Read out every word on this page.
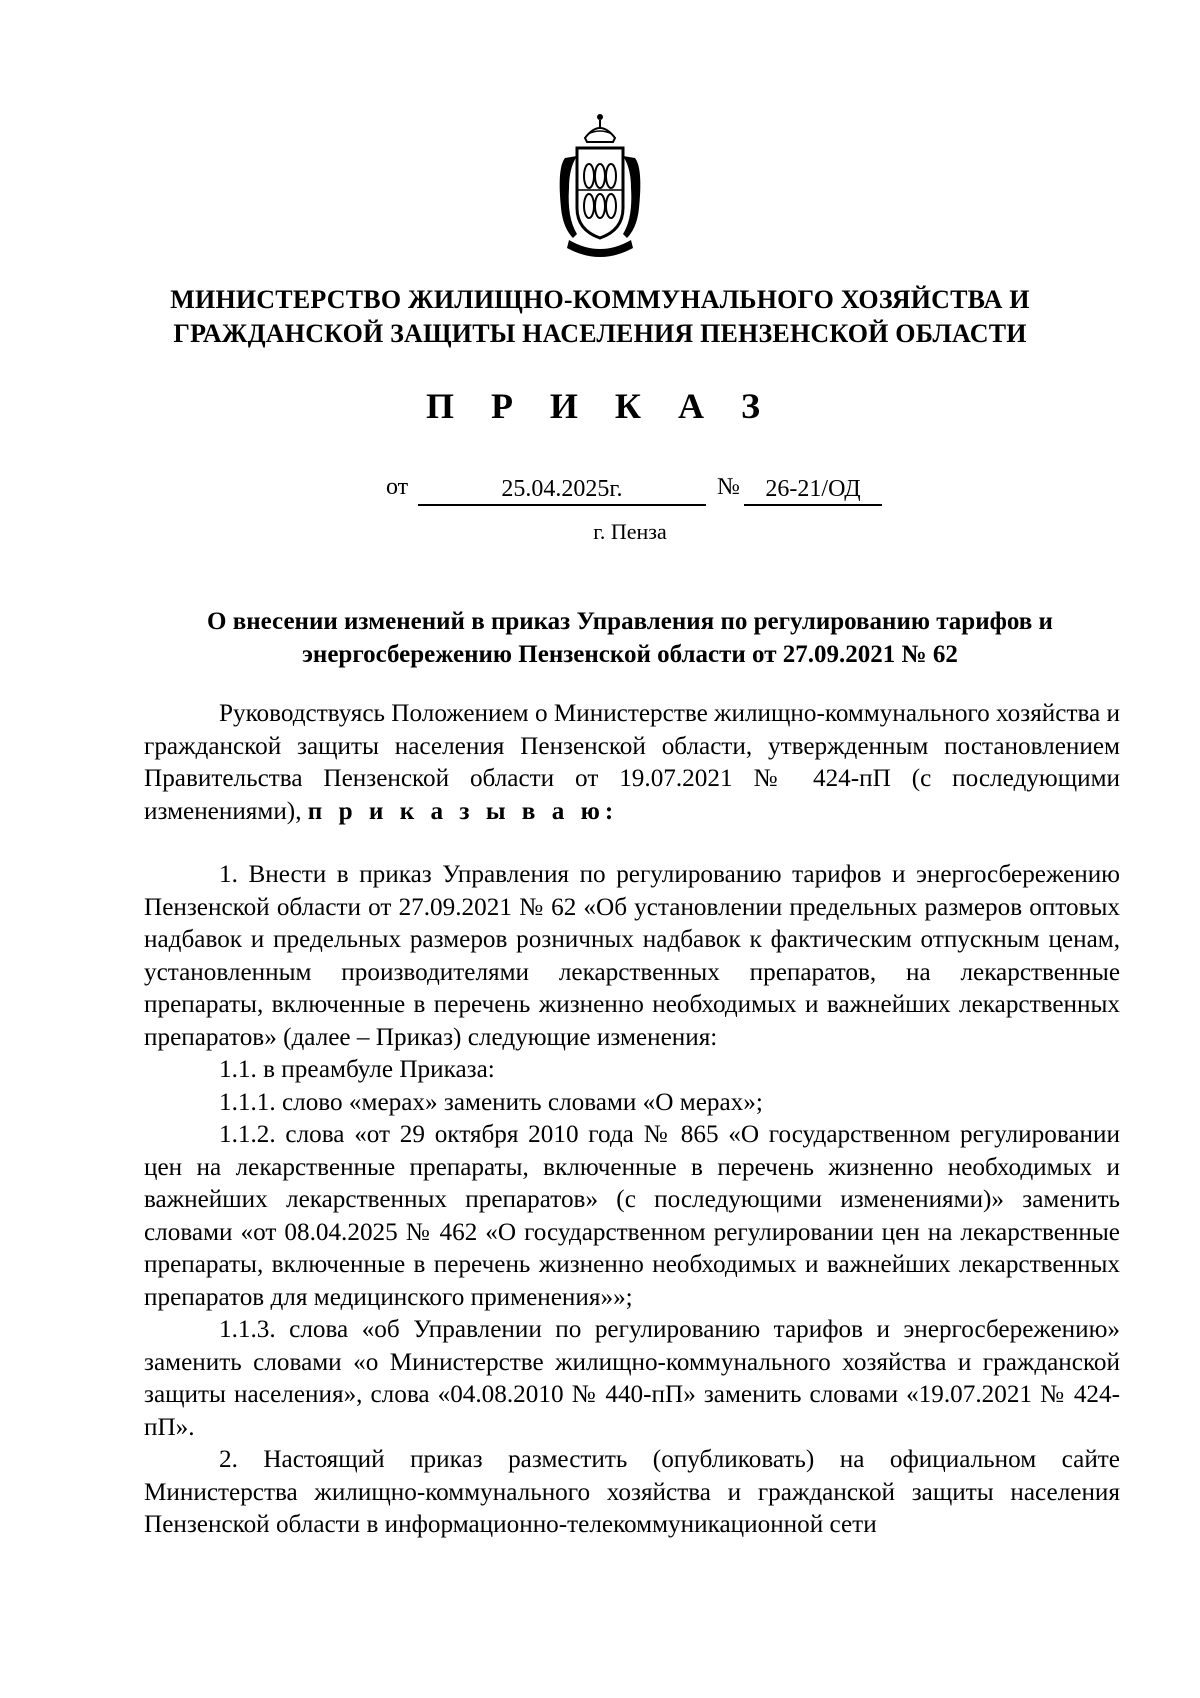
МИНИСТЕРСТВО ЖИЛИЩНО-КОММУНАЛЬНОГО ХОЗЯЙСТВА И
ГРАЖДАНСКОЙ ЗАЩИТЫ НАСЕЛЕНИЯ ПЕНЗЕНСКОЙ ОБЛАСТИ
П Р И К А З
от	25.04.2025г.	№	26-21/ОД
г. Пенза
О внесении изменений в приказ Управления по регулированию тарифов и
энергосбережению Пензенской области от 27.09.2021 № 62

Руководствуясь Положением о Министерстве жилищно-коммунального хозяйства и гражданской защиты населения Пензенской области, утвержденным постановлением Правительства Пензенской области от 19.07.2021 № 424-пП (с последующими изменениями), п р и к а з ы в а ю:

1. Внести в приказ Управления по регулированию тарифов и энергосбережению Пензенской области от 27.09.2021 № 62 «Об установлении предельных размеров оптовых надбавок и предельных размеров розничных надбавок к фактическим отпускным ценам, установленным производителями лекарственных препаратов, на лекарственные препараты, включенные в перечень жизненно необходимых и важнейших лекарственных препаратов» (далее – Приказ) следующие изменения:

1.1. в преамбуле Приказа:

1.1.1. слово «мерах» заменить словами «О мерах»;

1.1.2. слова «от 29 октября 2010 года № 865 «О государственном регулировании цен на лекарственные препараты, включенные в перечень жизненно необходимых и важнейших лекарственных препаратов» (с последующими изменениями)» заменить словами «от 08.04.2025 № 462 «О государственном регулировании цен на лекарственные препараты, включенные в перечень жизненно необходимых и важнейших лекарственных препаратов для медицинского применения»»;

1.1.3. слова «об Управлении по регулированию тарифов и энергосбережению» заменить словами «о Министерстве жилищно-коммунального хозяйства и гражданской защиты населения», слова «04.08.2010 № 440-пП» заменить словами «19.07.2021 № 424-пП».

2. Настоящий приказ разместить (опубликовать) на официальном сайте Министерства жилищно-коммунального хозяйства и гражданской защиты населения Пензенской области в информационно-телекоммуникационной сети
